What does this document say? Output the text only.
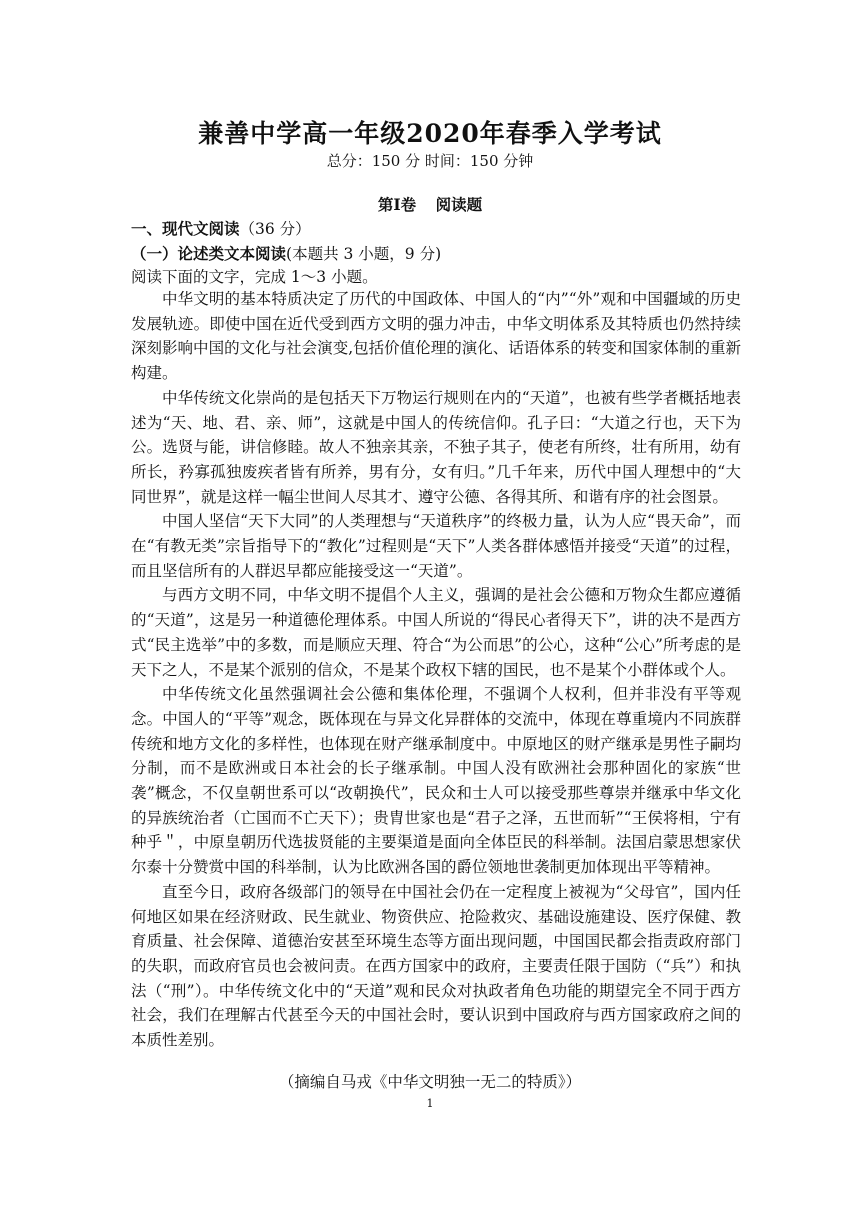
兼善中学高一年级2020年春季入学考试
总分：150 分 时间：150 分钟
第Ⅰ卷 阅读题
一、现代文阅读（36 分）
（一）论述类文本阅读(本题共 3 小题，9 分)
阅读下面的文字，完成 1～3 小题。

中华文明的基本特质决定了历代的中国政体、中国人的“内”“外”观和中国疆域的历史发展轨迹。即使中国在近代受到西方文明的强力冲击，中华文明体系及其特质也仍然持续深刻影响中国的文化与社会演变,包括价值伦理的演化、话语体系的转变和国家体制的重新构建。

中华传统文化崇尚的是包括天下万物运行规则在内的“天道”，也被有些学者概括地表述为“天、地、君、亲、师”，这就是中国人的传统信仰。孔子曰：“大道之行也，天下为公。选贤与能，讲信修睦。故人不独亲其亲，不独子其子，使老有所终，壮有所用，幼有所长，矜寡孤独废疾者皆有所养，男有分，女有归。”几千年来，历代中国人理想中的“大同世界”，就是这样一幅尘世间人尽其才、遵守公德、各得其所、和谐有序的社会图景。

中国人坚信“天下大同”的人类理想与“天道秩序”的终极力量，认为人应“畏天命”，而在“有教无类”宗旨指导下的“教化”过程则是“天下”人类各群体感悟并接受“天道”的过程，而且坚信所有的人群迟早都应能接受这一“天道”。

与西方文明不同，中华文明不提倡个人主义，强调的是社会公德和万物众生都应遵循的“天道”，这是另一种道德伦理体系。中国人所说的“得民心者得天下”，讲的决不是西方式“民主选举”中的多数，而是顺应天理、符合“为公而思”的公心，这种“公心”所考虑的是天下之人，不是某个派别的信众，不是某个政权下辖的国民，也不是某个小群体或个人。

中华传统文化虽然强调社会公德和集体伦理，不强调个人权利，但并非没有平等观念。中国人的“平等”观念，既体现在与异文化异群体的交流中，体现在尊重境内不同族群传统和地方文化的多样性，也体现在财产继承制度中。中原地区的财产继承是男性子嗣均分制，而不是欧洲或日本社会的长子继承制。中国人没有欧洲社会那种固化的家族“世袭”概念，不仅皇朝世系可以“改朝换代”，民众和士人可以接受那些尊崇并继承中华文化的异族统治者（亡国而不亡天下）；贵胄世家也是“君子之泽，五世而斩”“王侯将相，宁有种乎＂，中原皇朝历代选拔贤能的主要渠道是面向全体臣民的科举制。法国启蒙思想家伏尔泰十分赞赏中国的科举制，认为比欧洲各国的爵位领地世袭制更加体现出平等精神。

直至今日，政府各级部门的领导在中国社会仍在一定程度上被视为“父母官”，国内任何地区如果在经济财政、民生就业、物资供应、抢险救灾、基础设施建设、医疗保健、教育质量、社会保障、道德治安甚至环境生态等方面出现问题，中国国民都会指责政府部门的失职，而政府官员也会被问责。在西方国家中的政府，主要责任限于国防（“兵”）和执法（“刑”）。中华传统文化中的“天道”观和民众对执政者角色功能的期望完全不同于西方社会，我们在理解古代甚至今天的中国社会时，要认识到中国政府与西方国家政府之间的本质性差别。

（摘编自马戎《中华文明独一无二的特质》）
1
